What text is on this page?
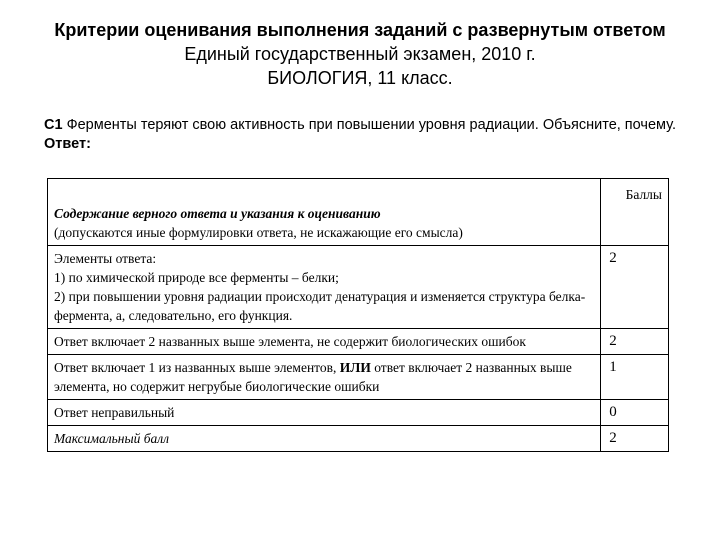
Критерии оценивания выполнения заданий с развернутым ответом Единый государственный экзамен, 2010 г.
БИОЛОГИЯ, 11 класс.
С1 Ферменты теряют свою активность при повышении уровня радиации. Объясните, почему.
Ответ:
Содержание верного ответа и указания к оцениванию
(допускаются иные формулировки ответа, не искажающие его смысла)	Баллы
Элементы ответа:
1) по химической природе все ферменты – белки;
2) при повышении уровня радиации происходит денатурация и изменяется структура белка-фермента, а, следовательно, его функция.	2
Ответ включает 2 названных выше элемента, не содержит биологических ошибок	2
Ответ включает 1 из названных выше элементов, ИЛИ ответ включает 2 названных выше элемента, но содержит негрубые биологические ошибки	1
Ответ неправильный	0
Максимальный балл	2
